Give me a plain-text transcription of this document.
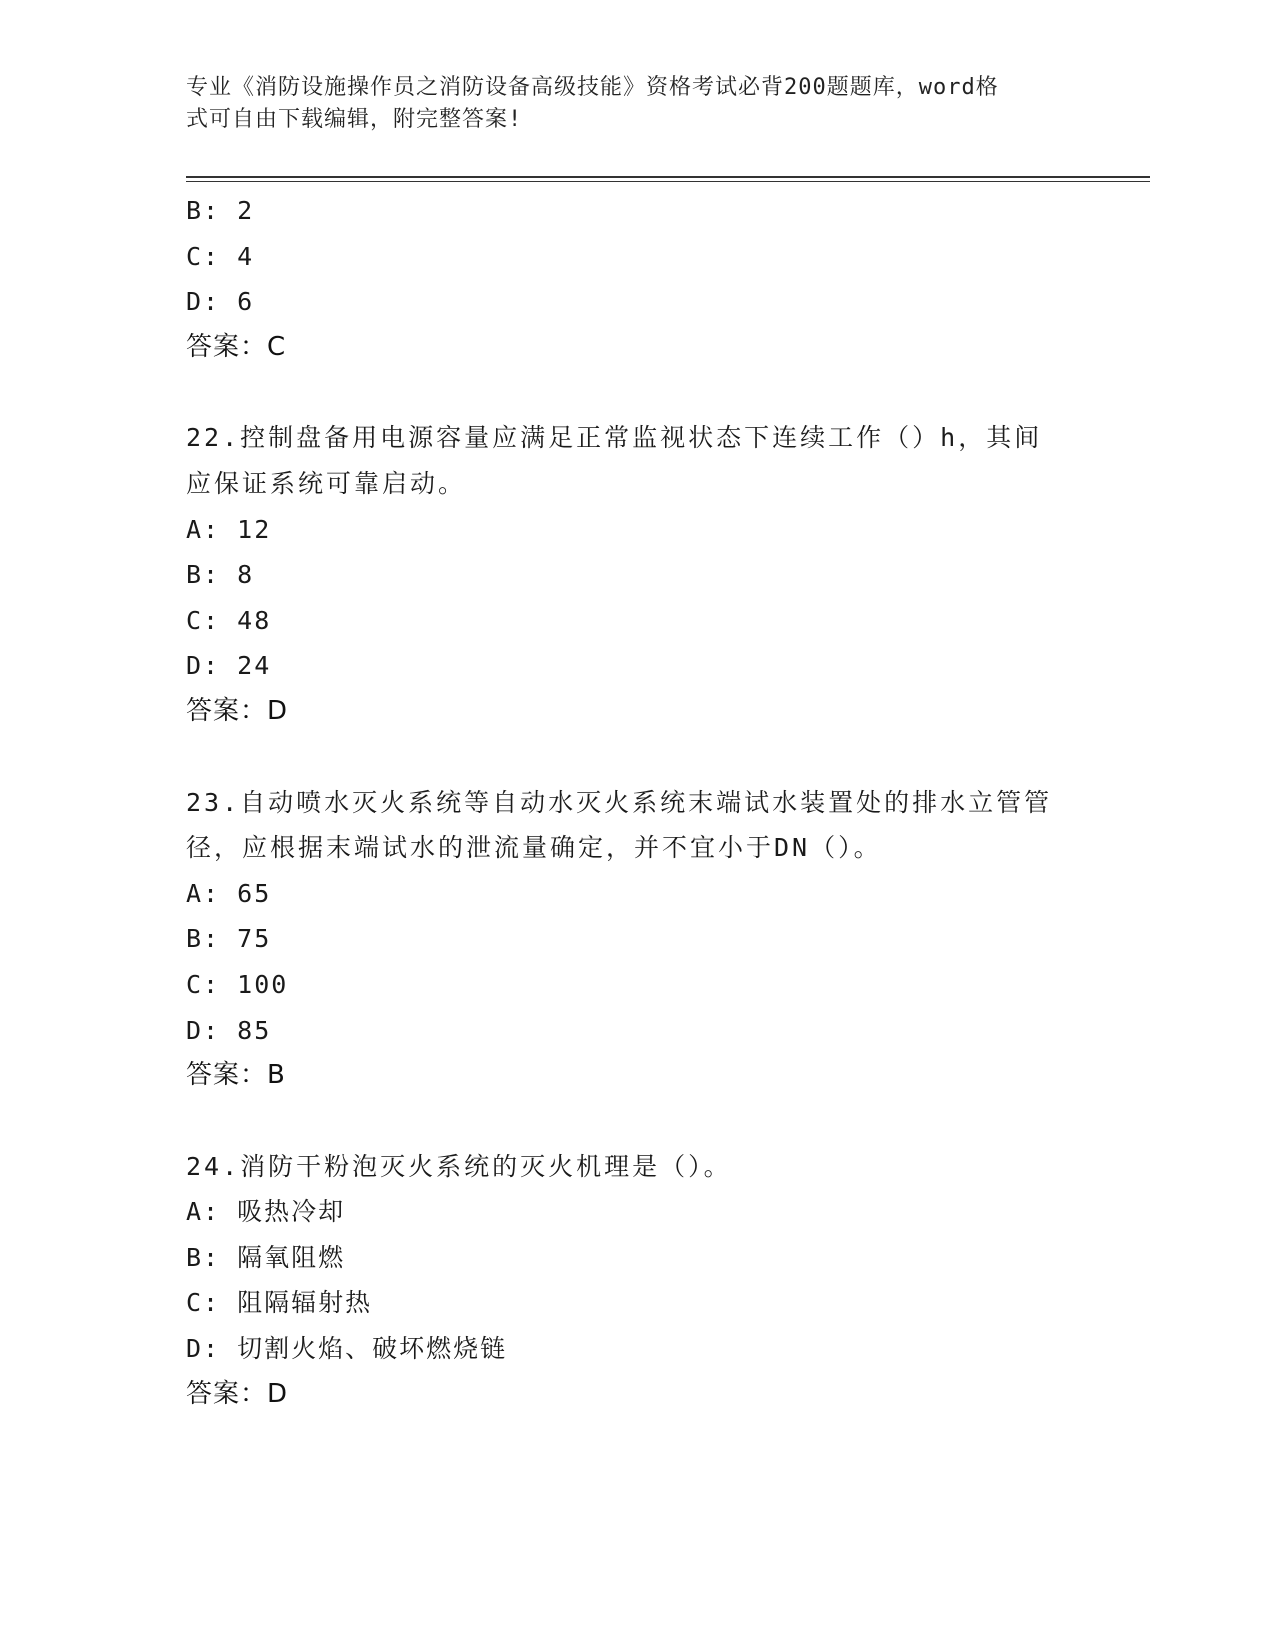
专业《消防设施操作员之消防设备高级技能》资格考试必背200题题库，word格
式可自由下载编辑，附完整答案!
B: 2
C: 4
D: 6
答案：C
22.控制盘备用电源容量应满足正常监视状态下连续工作（）h，其间
应保证系统可靠启动。
A: 12
B: 8
C: 48
D: 24
答案：D
23.自动喷水灭火系统等自动水灭火系统末端试水装置处的排水立管管
径，应根据末端试水的泄流量确定，并不宜小于DN（）。
A: 65
B: 75
C: 100
D: 85
答案：B
24.消防干粉泡灭火系统的灭火机理是（）。
A: 吸热冷却
B: 隔氧阻燃
C: 阻隔辐射热
D: 切割火焰、破坏燃烧链
答案：D
